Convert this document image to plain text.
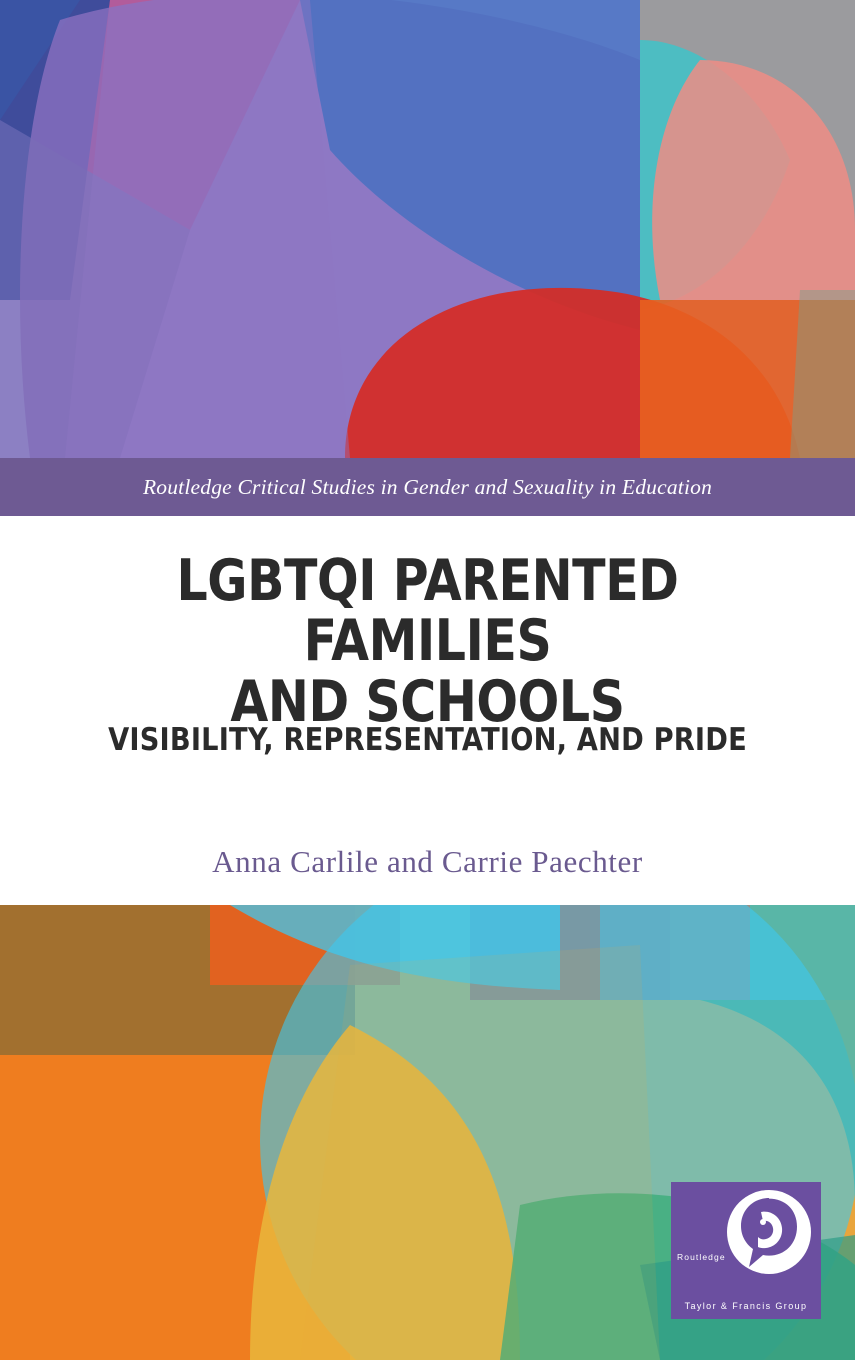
Routledge Critical Studies in Gender and Sexuality in Education
LGBTQI PARENTED FAMILIES
AND SCHOOLS
VISIBILITY, REPRESENTATION, AND PRIDE
Anna Carlile and Carrie Paechter
Routledge
Taylor & Francis Group
